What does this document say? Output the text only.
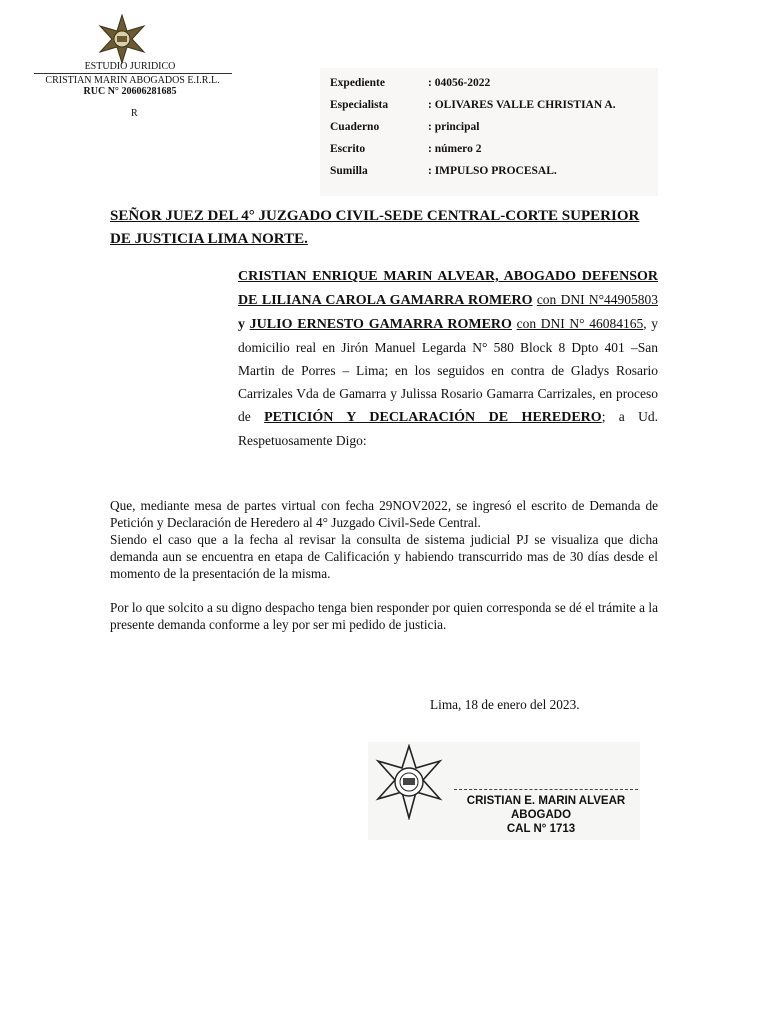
ESTUDIO JURIDICO
CRISTIAN MARIN ABOGADOS E.I.R.L.
RUC N° 20606281685
R
Expediente	: 04056-2022
Especialista	: OLIVARES VALLE CHRISTIAN A.
Cuaderno	: principal
Escrito	: número 2
Sumilla	: IMPULSO PROCESAL.
SEÑOR JUEZ DEL 4° JUZGADO CIVIL-SEDE CENTRAL-CORTE SUPERIOR DE JUSTICIA LIMA NORTE.
CRISTIAN ENRIQUE MARIN ALVEAR, ABOGADO DEFENSOR DE LILIANA CAROLA GAMARRA ROMERO con DNI N°44905803 y JULIO ERNESTO GAMARRA ROMERO con DNI N° 46084165, y domicilio real en Jirón Manuel Legarda N° 580 Block 8 Dpto 401 –San Martin de Porres – Lima; en los seguidos en contra de Gladys Rosario Carrizales Vda de Gamarra y Julissa Rosario Gamarra Carrizales, en proceso de PETICIÓN Y DECLARACIÓN DE HEREDERO; a Ud. Respetuosamente Digo:
Que, mediante mesa de partes virtual con fecha 29NOV2022, se ingresó el escrito de Demanda de Petición y Declaración de Heredero al 4° Juzgado Civil-Sede Central.
Siendo el caso que a la fecha al revisar la consulta de sistema judicial PJ se visualiza que dicha demanda aun se encuentra en etapa de Calificación y habiendo transcurrido mas de 30 días desde el momento de la presentación de la misma.
Por lo que solcito a su digno despacho tenga bien responder por quien corresponda se dé el trámite a la presente demanda conforme a ley por ser mi pedido de justicia.
Lima, 18 de enero del 2023.
CRISTIAN E. MARIN ALVEAR
ABOGADO
CAL N° 1713
